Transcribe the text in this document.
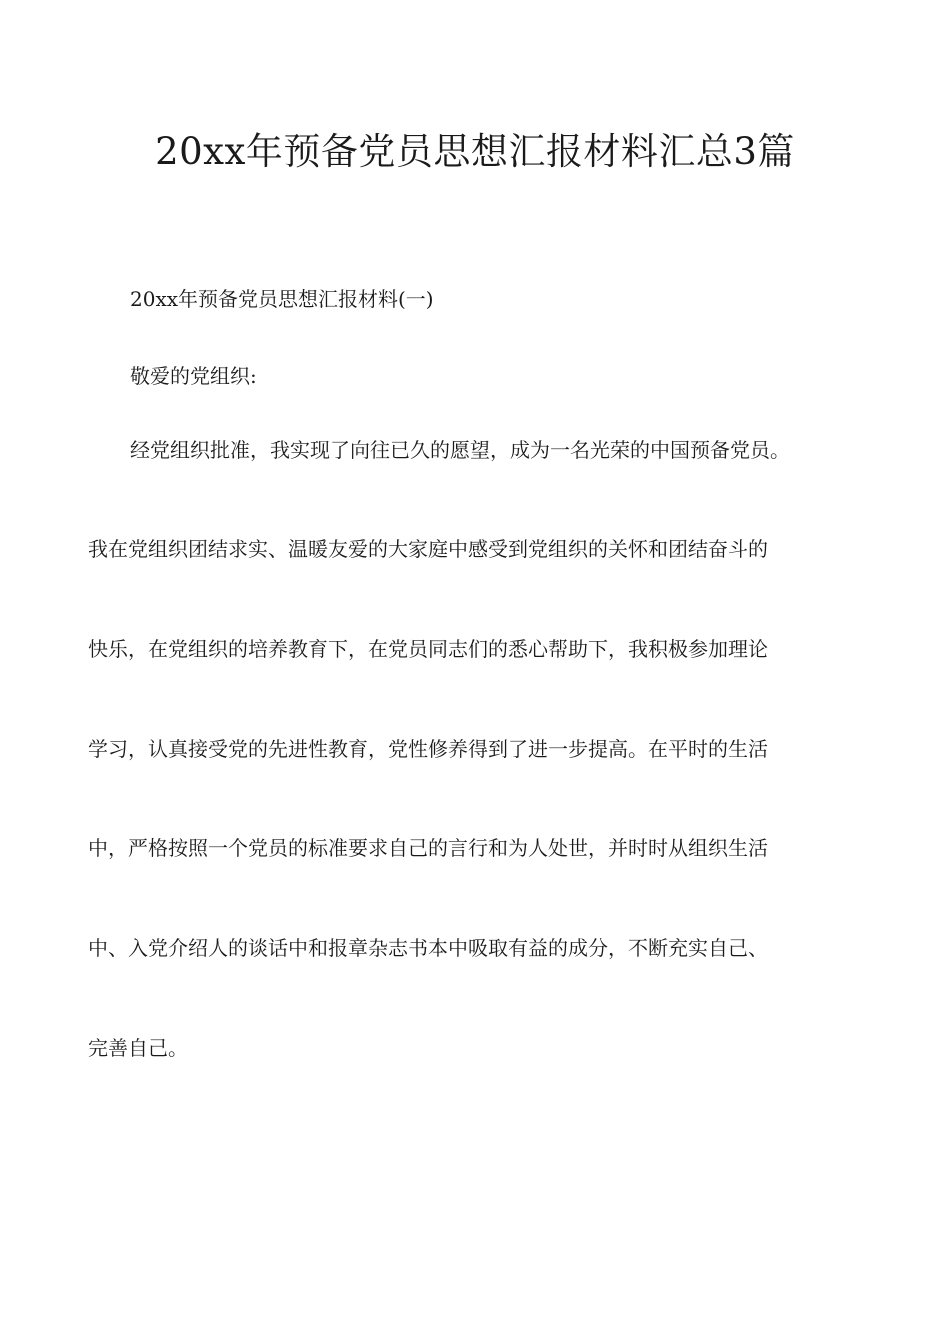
20xx年预备党员思想汇报材料汇总3篇

20xx年预备党员思想汇报材料(一)

敬爱的党组织:

经党组织批准，我实现了向往已久的愿望，成为一名光荣的中国预备党员。

我在党组织团结求实、温暖友爱的大家庭中感受到党组织的关怀和团结奋斗的

快乐，在党组织的培养教育下，在党员同志们的悉心帮助下，我积极参加理论

学习，认真接受党的先进性教育，党性修养得到了进一步提高。在平时的生活

中，严格按照一个党员的标准要求自己的言行和为人处世，并时时从组织生活

中、入党介绍人的谈话中和报章杂志书本中吸取有益的成分，不断充实自己、

完善自己。
